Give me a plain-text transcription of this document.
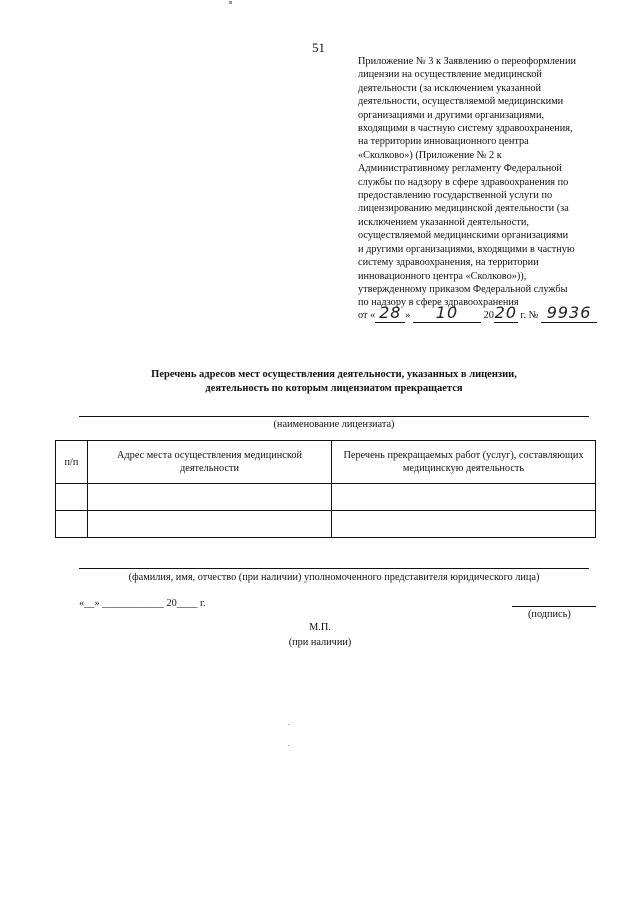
51
Приложение № 3 к Заявлению о переоформлении
лицензии на осуществление медицинской
деятельности (за исключением указанной
деятельности, осуществляемой медицинскими
организациями и другими организациями,
входящими в частную систему здравоохранения,
на территории инновационного центра
«Сколково») (Приложение № 2 к
Административному регламенту Федеральной
службы по надзору в сфере здравоохранения по
предоставлению государственной услуги по
лицензированию медицинской деятельности (за
исключением указанной деятельности,
осуществляемой медицинскими организациями
и другими организациями, входящими в частную
систему здравоохранения, на территории
инновационного центра «Сколково»)),
утвержденному приказом Федеральной службы
по надзору в сфере здравоохранения
от « 28 » 10 2020 г. № 9936
Перечень адресов мест осуществления деятельности, указанных в лицензии,
деятельность по которым лицензиатом прекращается
(наименование лицензиата)
п/п	Адрес места осуществления медицинской деятельности	Перечень прекращаемых работ (услуг), составляющих медицинскую деятельность

(фамилия, имя, отчество (при наличии) уполномоченного представителя юридического лица)
«__» ____________ 20____ г.
(подпись)
М.П.
(при наличии)
